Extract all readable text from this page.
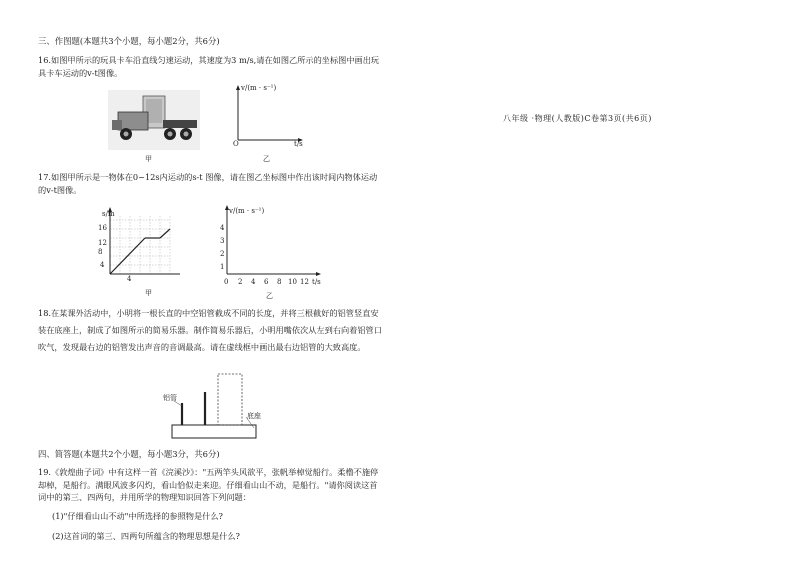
三、作图题(本题共3个小题，每小题2分，共6分)
16.如图甲所示的玩具卡车沿直线匀速运动，其速度为3 m/s,请在如图乙所示的坐标图中画出玩具卡车运动的v-t图像。
甲
v/(m · s⁻¹)
O	t/s
乙
17.如图甲所示是一物体在0~12s内运动的s-t 图像，请在图乙坐标图中作出该时间内物体运动的v-t图像。
s/m
16
12
8
4
4
甲
v/(m · s⁻¹)
4
3
2
1
0 2 4 6 8 10 12 t/s
乙
18.在某课外活动中，小明将一根长直的中空铝管截成不同的长度，并将三根截好的铝管竖直安装在底座上，制成了如图所示的简易乐器。制作简易乐器后，小明用嘴依次从左到右向着铝管口吹气，发现最右边的铝管发出声音的音调最高。请在虚线框中画出最右边铝管的大致高度。
铝管
底座
四、简答题(本题共2个小题，每小题3分，共6分)
19.《敦煌曲子词》中有这样一首《浣溪沙》："五两竿头风欲平，张帆举棹觉船行。柔橹不施停却棹，是船行。满眼风波多闪灼，看山恰似走来迎。仔细看山山不动，是船行。"请你阅读这首词中的第三、四两句，并用所学的物理知识回答下列问题：
(1)"仔细看山山不动"中所选择的参照物是什么?
(2)这首词的第三、四两句所蕴含的物理思想是什么?
八年级 ·物理(人教版)C卷第3页(共6页)
